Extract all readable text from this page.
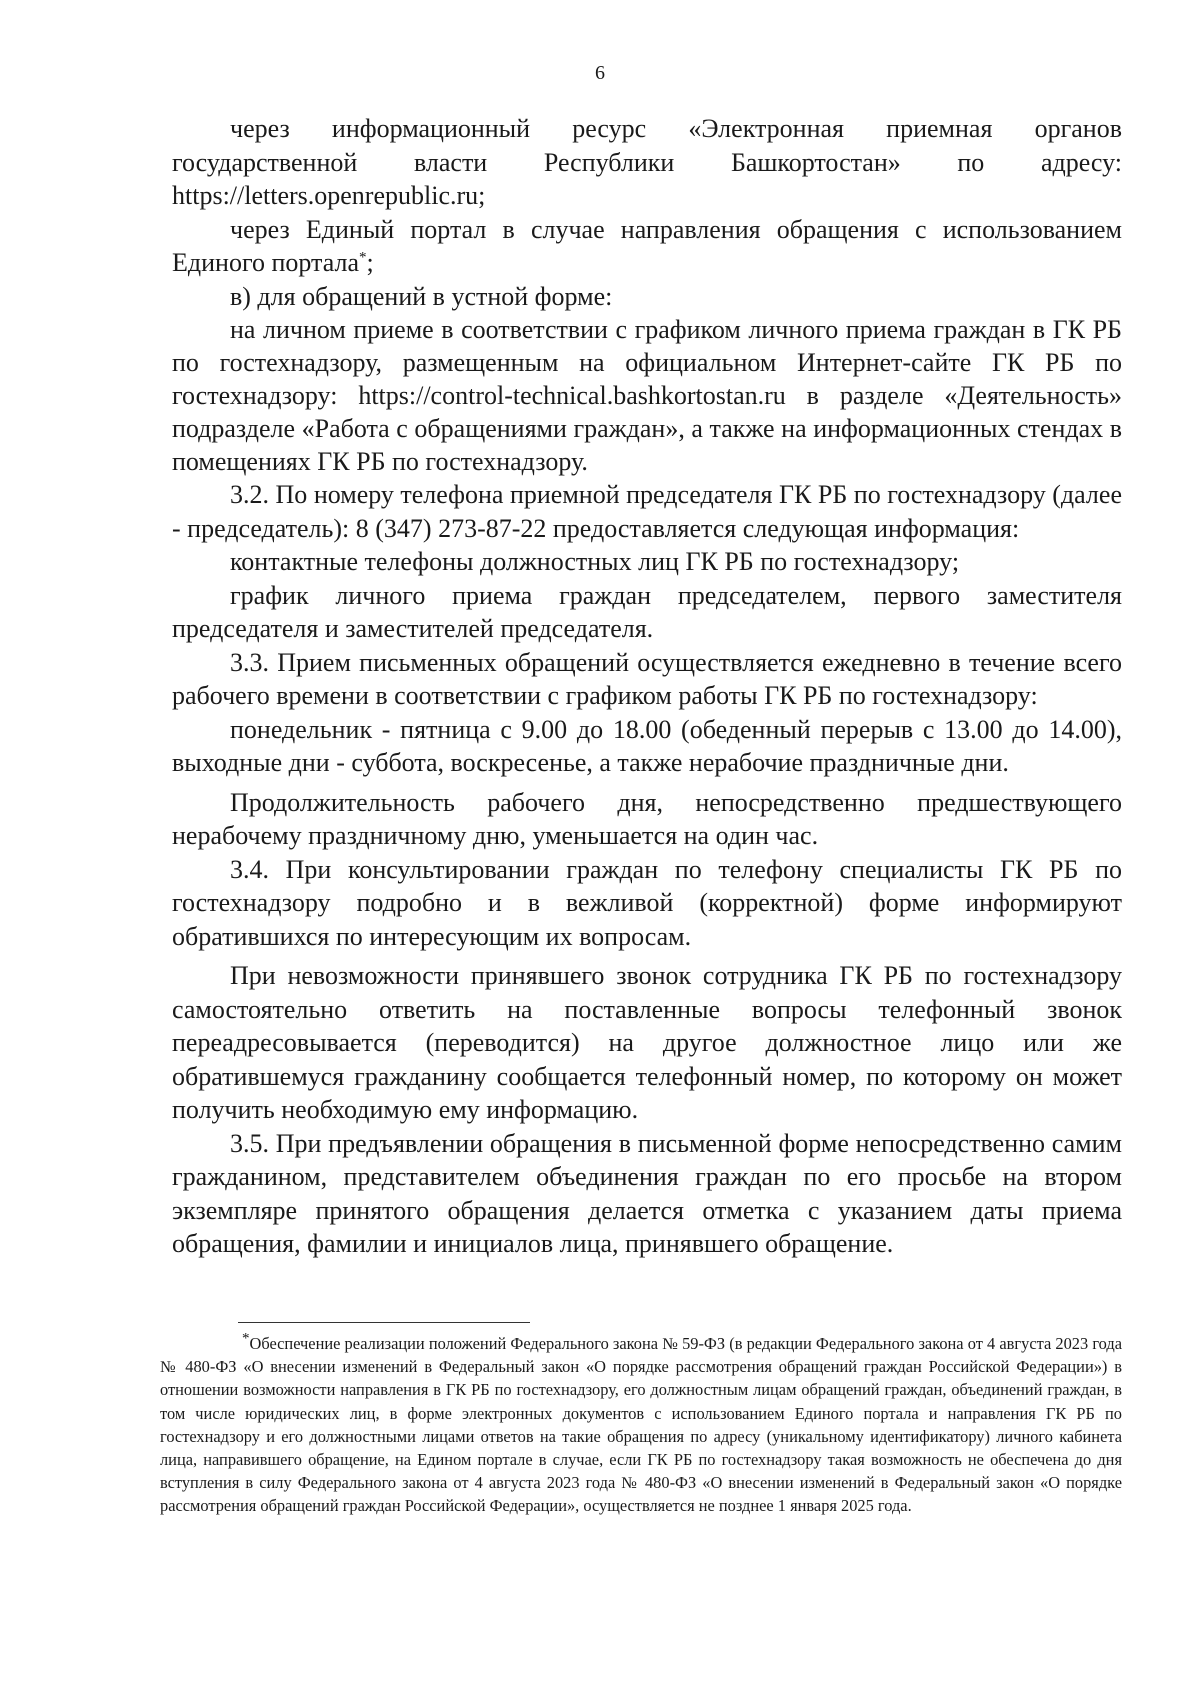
6

через информационный ресурс «Электронная приемная органов государственной власти Республики Башкортостан» по адресу: https://letters.openrepublic.ru;

через Единый портал в случае направления обращения с использованием Единого портала*;

в) для обращений в устной форме:

на личном приеме в соответствии с графиком личного приема граждан в ГК РБ по гостехнадзору, размещенным на официальном Интернет-сайте ГК РБ по гостехнадзору: https://control-technical.bashkortostan.ru в разделе «Деятельность» подразделе «Работа с обращениями граждан», а также на информационных стендах в помещениях ГК РБ по гостехнадзору.

3.2. По номеру телефона приемной председателя ГК РБ по гостехнадзору (далее - председатель): 8 (347) 273-87-22 предоставляется следующая информация:

контактные телефоны должностных лиц ГК РБ по гостехнадзору;

график личного приема граждан председателем, первого заместителя председателя и заместителей председателя.

3.3. Прием письменных обращений осуществляется ежедневно в течение всего рабочего времени в соответствии с графиком работы ГК РБ по гостехнадзору:

понедельник - пятница с 9.00 до 18.00 (обеденный перерыв с 13.00 до 14.00), выходные дни - суббота, воскресенье, а также нерабочие праздничные дни.

Продолжительность рабочего дня, непосредственно предшествующего нерабочему праздничному дню, уменьшается на один час.

3.4. При консультировании граждан по телефону специалисты ГК РБ по гостехнадзору подробно и в вежливой (корректной) форме информируют обратившихся по интересующим их вопросам.

При невозможности принявшего звонок сотрудника ГК РБ по гостехнадзору самостоятельно ответить на поставленные вопросы телефонный звонок переадресовывается (переводится) на другое должностное лицо или же обратившемуся гражданину сообщается телефонный номер, по которому он может получить необходимую ему информацию.

3.5. При предъявлении обращения в письменной форме непосредственно самим гражданином, представителем объединения граждан по его просьбе на втором экземпляре принятого обращения делается отметка с указанием даты приема обращения, фамилии и инициалов лица, принявшего обращение.

*Обеспечение реализации положений Федерального закона № 59-ФЗ (в редакции Федерального закона от 4 августа 2023 года № 480-ФЗ «О внесении изменений в Федеральный закон «О порядке рассмотрения обращений граждан Российской Федерации») в отношении возможности направления в ГК РБ по гостехнадзору, его должностным лицам обращений граждан, объединений граждан, в том числе юридических лиц, в форме электронных документов с использованием Единого портала и направления ГК РБ по гостехнадзору и его должностными лицами ответов на такие обращения по адресу (уникальному идентификатору) личного кабинета лица, направившего обращение, на Едином портале в случае, если ГК РБ по гостехнадзору такая возможность не обеспечена до дня вступления в силу Федерального закона от 4 августа 2023 года № 480-ФЗ «О внесении изменений в Федеральный закон «О порядке рассмотрения обращений граждан Российской Федерации», осуществляется не позднее 1 января 2025 года.
